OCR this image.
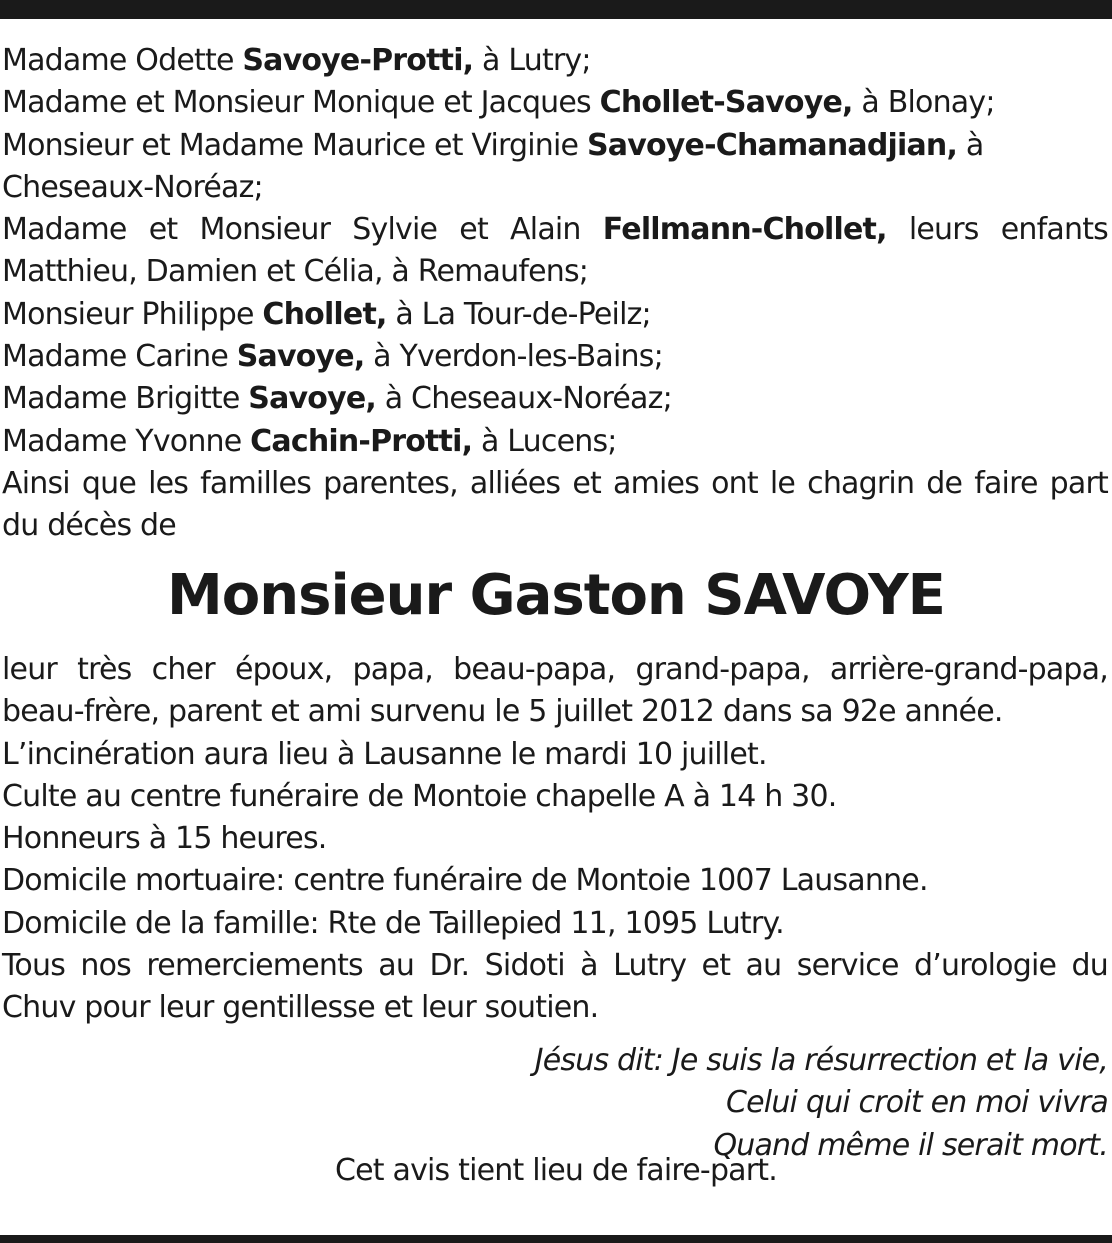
Madame Odette Savoye-Protti, à Lutry;

Madame et Monsieur Monique et Jacques Chollet-Savoye, à Blonay;

Monsieur et Madame Maurice et Virginie Savoye-Chamanadjian, à Cheseaux-Noréaz;

Madame et Monsieur Sylvie et Alain Fellmann-Chollet, leurs enfants Matthieu, Damien et Célia, à Remaufens;

Monsieur Philippe Chollet, à La Tour-de-Peilz;

Madame Carine Savoye, à Yverdon-les-Bains;

Madame Brigitte Savoye, à Cheseaux-Noréaz;

Madame Yvonne Cachin-Protti, à Lucens;

Ainsi que les familles parentes, alliées et amies ont le chagrin de faire part du décès de

Monsieur Gaston SAVOYE

leur très cher époux, papa, beau-papa, grand-papa, arrière-grand-papa, beau-frère, parent et ami survenu le 5 juillet 2012 dans sa 92e année.

L’incinération aura lieu à Lausanne le mardi 10 juillet.

Culte au centre funéraire de Montoie chapelle A à 14 h 30.

Honneurs à 15 heures.

Domicile mortuaire: centre funéraire de Montoie 1007 Lausanne.

Domicile de la famille: Rte de Taillepied 11, 1095 Lutry.

Tous nos remerciements au Dr. Sidoti à Lutry et au service d’urologie du Chuv pour leur gentillesse et leur soutien.

Jésus dit: Je suis la résurrection et la vie,
Celui qui croit en moi vivra
Quand même il serait mort.
Cet avis tient lieu de faire-part.
